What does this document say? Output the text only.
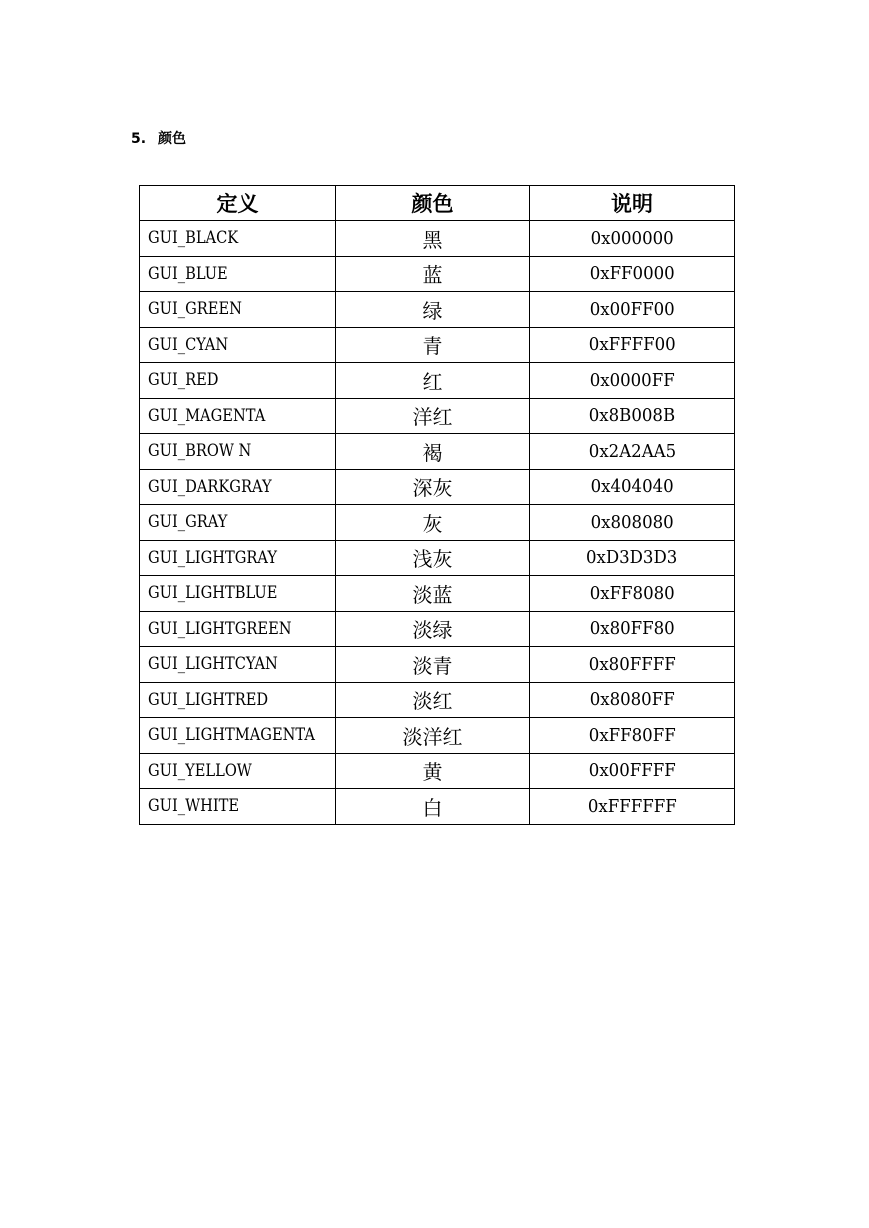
5. 颜色
定义	颜色	说明
GUI_BLACK	黑	0x000000
GUI_BLUE	蓝	0xFF0000
GUI_GREEN	绿	0x00FF00
GUI_CYAN	青	0xFFFF00
GUI_RED	红	0x0000FF
GUI_MAGENTA	洋红	0x8B008B
GUI_BROW N	褐	0x2A2AA5
GUI_DARKGRAY	深灰	0x404040
GUI_GRAY	灰	0x808080
GUI_LIGHTGRAY	浅灰	0xD3D3D3
GUI_LIGHTBLUE	淡蓝	0xFF8080
GUI_LIGHTGREEN	淡绿	0x80FF80
GUI_LIGHTCYAN	淡青	0x80FFFF
GUI_LIGHTRED	淡红	0x8080FF
GUI_LIGHTMAGENTA	淡洋红	0xFF80FF
GUI_YELLOW	黄	0x00FFFF
GUI_WHITE	白	0xFFFFFF
